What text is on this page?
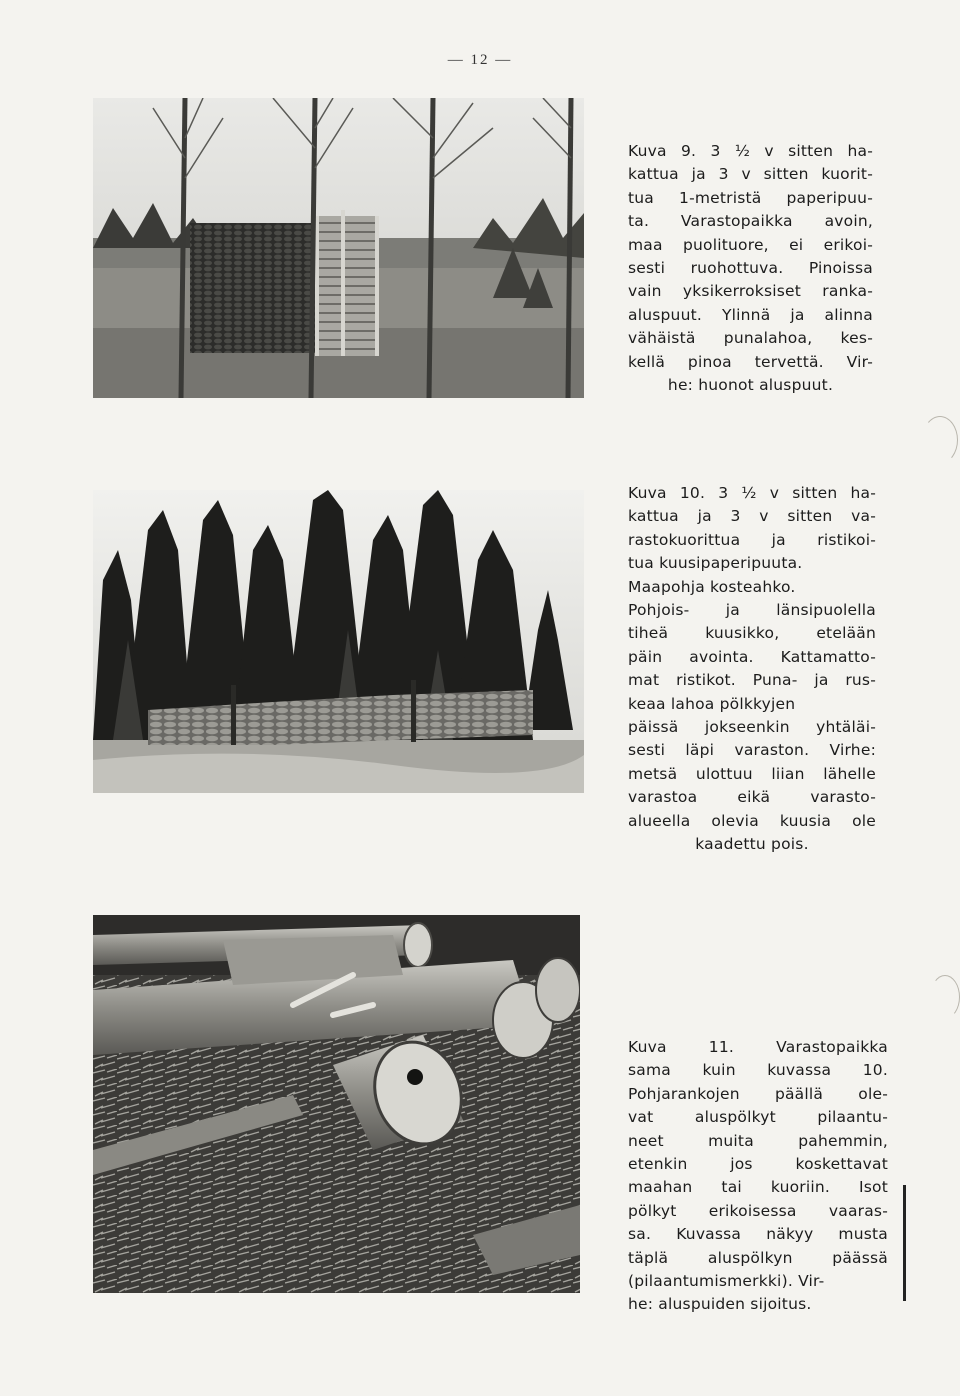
— 12 —
Kuva 9. 3 ½ v sitten ha-
kattua ja 3 v sitten kuorit-
tua 1-metristä paperipuu-
ta. Varastopaikka avoin,
maa puolituore, ei erikoi-
sesti ruohottuva. Pinoissa
vain yksikerroksiset ranka-
aluspuut. Ylinnä ja alinna
vähäistä punalahoa, kes-
kellä pinoa tervettä. Vir-
he: huonot aluspuut.
Kuva 10. 3 ½ v sitten ha-
kattua ja 3 v sitten va-
rastokuorittua ja ristikoi-
tua kuusipaperipuuta.
Maapohja kosteahko.
Pohjois- ja länsipuolella
tiheä kuusikko, etelään
päin avointa. Kattamatto-
mat ristikot. Puna- ja rus-
keaa lahoa pölkkyjen
päissä jokseenkin yhtäläi-
sesti läpi varaston. Virhe:
metsä ulottuu liian lähelle
varastoa eikä varasto-
alueella olevia kuusia ole
kaadettu pois.
Kuva 11. Varastopaikka
sama kuin kuvassa 10.
Pohjarankojen päällä ole-
vat aluspölkyt pilaantu-
neet muita pahemmin,
etenkin jos koskettavat
maahan tai kuoriin. Isot
pölkyt erikoisessa vaaras-
sa. Kuvassa näkyy musta
täplä aluspölkyn päässä
(pilaantumismerkki). Vir-
he: aluspuiden sijoitus.
